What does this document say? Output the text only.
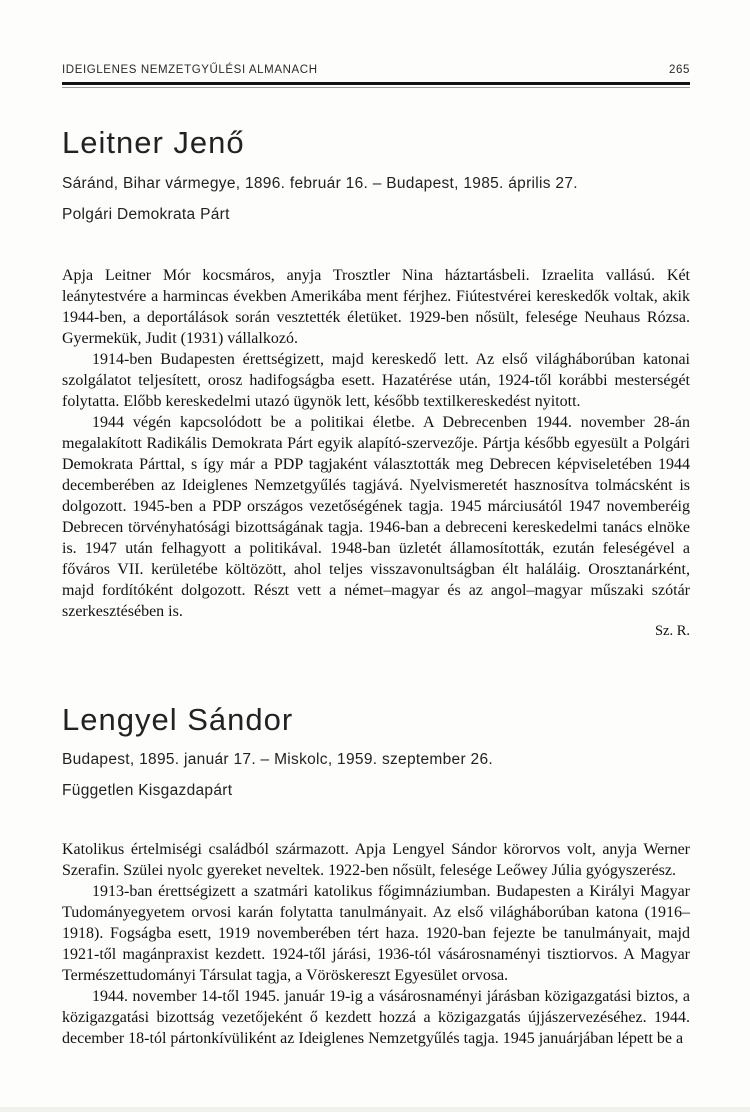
IDEIGLENES NEMZETGYŰLÉSI ALMANACH	265
Leitner Jenő

Sáránd, Bihar vármegye, 1896. február 16. – Budapest, 1985. április 27.

Polgári Demokrata Párt

Apja Leitner Mór kocsmáros, anyja Trosztler Nina háztartásbeli. Izraelita vallású. Két leánytestvére a harmincas években Amerikába ment férjhez. Fiútestvérei kereskedők voltak, akik 1944-ben, a deportálások során vesztették életüket. 1929-ben nősült, felesége Neuhaus Rózsa. Gyermekük, Judit (1931) vállalkozó.

1914-ben Budapesten érettségizett, majd kereskedő lett. Az első világháborúban katonai szolgálatot teljesített, orosz hadifogságba esett. Hazatérése után, 1924-től korábbi mesterségét folytatta. Előbb kereskedelmi utazó ügynök lett, később textilkereskedést nyitott.

1944 végén kapcsolódott be a politikai életbe. A Debrecenben 1944. november 28-án megalakított Radikális Demokrata Párt egyik alapító-szervezője. Pártja később egyesült a Polgári Demokrata Párttal, s így már a PDP tagjaként választották meg Debrecen képviseletében 1944 decemberében az Ideiglenes Nemzetgyűlés tagjává. Nyelvismeretét hasznosítva tolmácsként is dolgozott. 1945-ben a PDP országos vezetőségének tagja. 1945 márciusától 1947 novemberéig Debrecen törvényhatósági bizottságának tagja. 1946-ban a debreceni kereskedelmi tanács elnöke is. 1947 után felhagyott a politikával. 1948-ban üzletét államosították, ezután feleségével a főváros VII. kerületébe költözött, ahol teljes visszavonultságban élt haláláig. Orosztanárként, majd fordítóként dolgozott. Részt vett a német–magyar és az angol–magyar műszaki szótár szerkesztésében is.

Sz. R.

Lengyel Sándor

Budapest, 1895. január 17. – Miskolc, 1959. szeptember 26.

Független Kisgazdapárt

Katolikus értelmiségi családból származott. Apja Lengyel Sándor körorvos volt, anyja Werner Szerafin. Szülei nyolc gyereket neveltek. 1922-ben nősült, felesége Leőwey Júlia gyógyszerész.

1913-ban érettségizett a szatmári katolikus főgimnáziumban. Budapesten a Királyi Magyar Tudományegyetem orvosi karán folytatta tanulmányait. Az első világháborúban katona (1916–1918). Fogságba esett, 1919 novemberében tért haza. 1920-ban fejezte be tanulmányait, majd 1921-től magánpraxist kezdett. 1924-től járási, 1936-tól vásárosnaményi tisztiorvos. A Magyar Természettudományi Társulat tagja, a Vöröskereszt Egyesület orvosa.

1944. november 14-től 1945. január 19-ig a vásárosnaményi járásban közigazgatási biztos, a közigazgatási bizottság vezetőjeként ő kezdett hozzá a közigazgatás újjászervezéséhez. 1944. december 18-tól pártonkívüliként az Ideiglenes Nemzetgyűlés tagja. 1945 januárjában lépett be a
